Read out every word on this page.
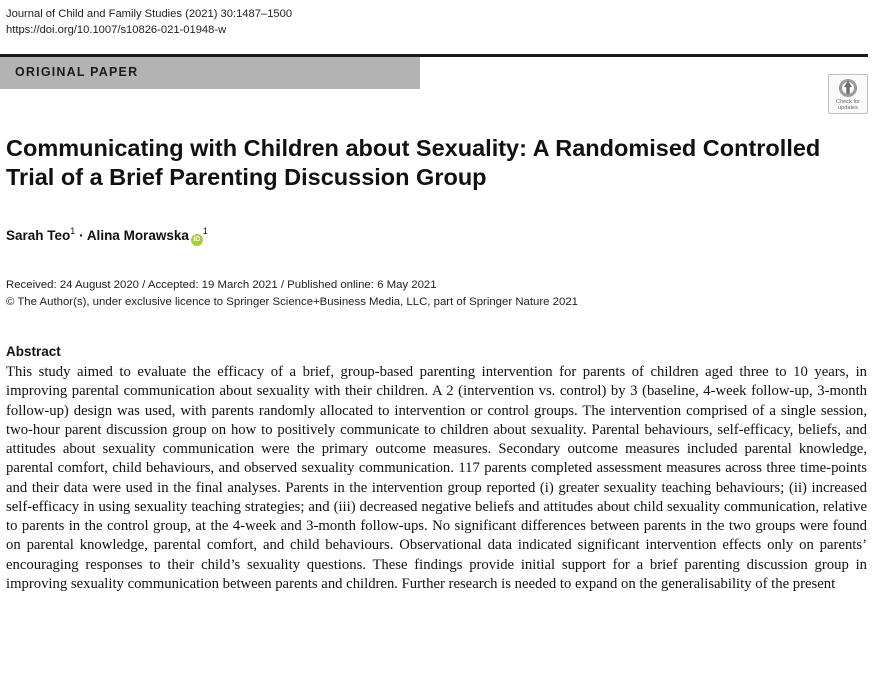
Journal of Child and Family Studies (2021) 30:1487–1500
https://doi.org/10.1007/s10826-021-01948-w
ORIGINAL PAPER
Check for updates
Communicating with Children about Sexuality: A Randomised Controlled Trial of a Brief Parenting Discussion Group
Sarah Teo$^1$ · Alina Morawska $iD^1$
Received: 24 August 2020 / Accepted: 19 March 2021 / Published online: 6 May 2021
© The Author(s), under exclusive licence to Springer Science+Business Media, LLC, part of Springer Nature 2021
Abstract

This study aimed to evaluate the efficacy of a brief, group-based parenting intervention for parents of children aged three to 10 years, in improving parental communication about sexuality with their children. A 2 (intervention vs. control) by 3 (baseline, 4-week follow-up, 3-month follow-up) design was used, with parents randomly allocated to intervention or control groups. The intervention comprised of a single session, two-hour parent discussion group on how to positively communicate to children about sexuality. Parental behaviours, self-efficacy, beliefs, and attitudes about sexuality communication were the primary outcome measures. Secondary outcome measures included parental knowledge, parental comfort, child behaviours, and observed sexuality communication. 117 parents completed assessment measures across three time-points and their data were used in the final analyses. Parents in the intervention group reported (i) greater sexuality teaching behaviours; (ii) increased self-efficacy in using sexuality teaching strategies; and (iii) decreased negative beliefs and attitudes about child sexuality communication, relative to parents in the control group, at the 4-week and 3-month follow-ups. No significant differences between parents in the two groups were found on parental knowledge, parental comfort, and child behaviours. Observational data indicated significant intervention effects only on parents’ encouraging responses to their child’s sexuality questions. These findings provide initial support for a brief parenting discussion group in improving sexuality communication between parents and children. Further research is needed to expand on the generalisability of the present
